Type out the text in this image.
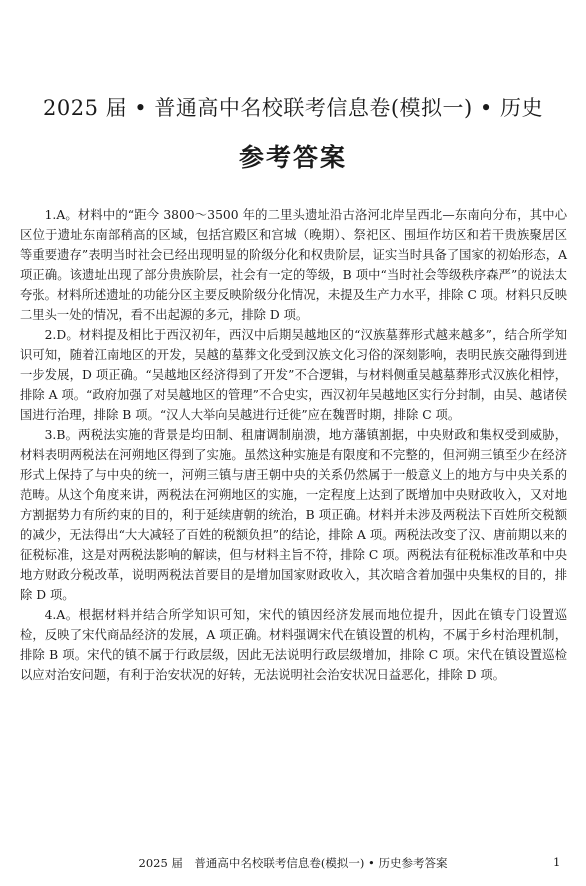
2025 届 • 普通高中名校联考信息卷(模拟一) • 历史
参考答案

1.A。材料中的“距今 3800～3500 年的二里头遗址沿古洛河北岸呈西北—东南向分布，其中心区位于遗址东南部稍高的区域，包括宫殿区和宫城（晚期）、祭祀区、围垣作坊区和若干贵族聚居区等重要遗存”表明当时社会已经出现明显的阶级分化和权贵阶层，证实当时具备了国家的初始形态，A 项正确。该遗址出现了部分贵族阶层，社会有一定的等级，B 项中“当时社会等级秩序森严”的说法太夸张。材料所述遗址的功能分区主要反映阶级分化情况，未提及生产力水平，排除 C 项。材料只反映二里头一处的情况，看不出起源的多元，排除 D 项。

2.D。材料提及相比于西汉初年，西汉中后期吴越地区的“汉族墓葬形式越来越多”，结合所学知识可知，随着江南地区的开发，吴越的墓葬文化受到汉族文化习俗的深刻影响，表明民族交融得到进一步发展，D 项正确。“吴越地区经济得到了开发”不合逻辑，与材料侧重吴越墓葬形式汉族化相悖，排除 A 项。“政府加强了对吴越地区的管理”不合史实，西汉初年吴越地区实行分封制，由吴、越诸侯国进行治理，排除 B 项。“汉人大举向吴越进行迁徙”应在魏晋时期，排除 C 项。

3.B。两税法实施的背景是均田制、租庸调制崩溃，地方藩镇割据，中央财政和集权受到威胁，材料表明两税法在河朔地区得到了实施。虽然这种实施是有限度和不完整的，但河朔三镇至少在经济形式上保持了与中央的统一，河朔三镇与唐王朝中央的关系仍然属于一般意义上的地方与中央关系的范畴。从这个角度来讲，两税法在河朔地区的实施，一定程度上达到了既增加中央财政收入，又对地方割据势力有所约束的目的，利于延续唐朝的统治，B 项正确。材料并未涉及两税法下百姓所交税额的减少，无法得出“大大减轻了百姓的税额负担”的结论，排除 A 项。两税法改变了汉、唐前期以来的征税标准，这是对两税法影响的解读，但与材料主旨不符，排除 C 项。两税法有征税标准改革和中央地方财政分税改革，说明两税法首要目的是增加国家财政收入，其次暗含着加强中央集权的目的，排除 D 项。

4.A。根据材料并结合所学知识可知，宋代的镇因经济发展而地位提升，因此在镇专门设置巡检，反映了宋代商品经济的发展，A 项正确。材料强调宋代在镇设置的机构，不属于乡村治理机制，排除 B 项。宋代的镇不属于行政层级，因此无法说明行政层级增加，排除 C 项。宋代在镇设置巡检以应对治安问题，有利于治安状况的好转，无法说明社会治安状况日益恶化，排除 D 项。

2025 届　普通高中名校联考信息卷(模拟一) • 历史参考答案	1
